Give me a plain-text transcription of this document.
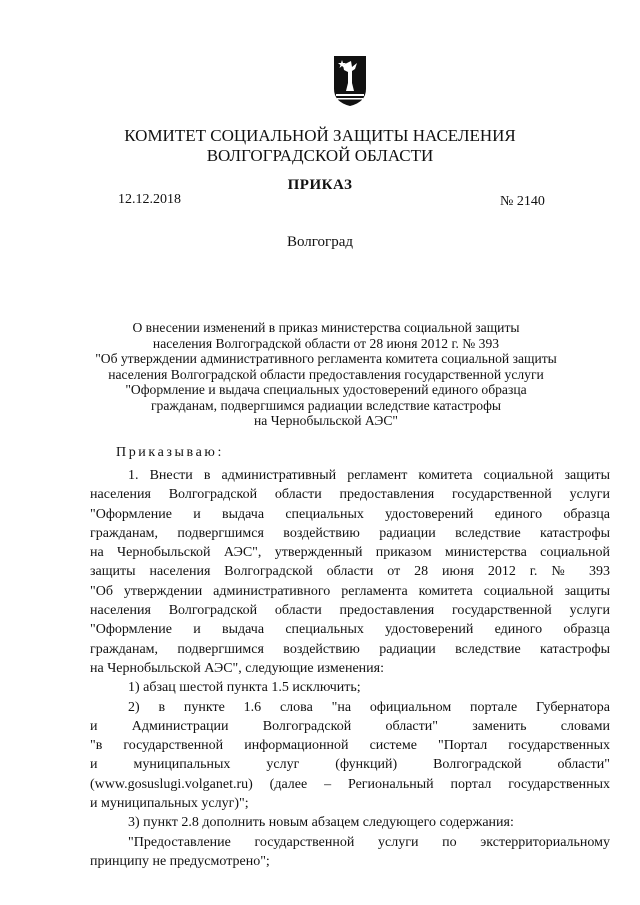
КОМИТЕТ СОЦИАЛЬНОЙ ЗАЩИТЫ НАСЕЛЕНИЯ
ВОЛГОГРАДСКОЙ ОБЛАСТИ
ПРИКАЗ
12.12.2018	№ 2140
Волгоград
О внесении изменений в приказ министерства социальной защиты
населения Волгоградской области от 28 июня 2012 г. № 393
"Об утверждении административного регламента комитета социальной защиты
населения Волгоградской области предоставления государственной услуги
"Оформление и выдача специальных удостоверений единого образца
гражданам, подвергшимся радиации вследствие катастрофы
на Чернобыльской АЭС"
Приказываю:
1. Внести в административный регламент комитета социальной защиты
населения Волгоградской области предоставления государственной услуги
"Оформление и выдача специальных удостоверений единого образца
гражданам, подвергшимся воздействию радиации вследствие катастрофы
на Чернобыльской АЭС", утвержденный приказом министерства социальной
защиты населения Волгоградской области от 28 июня 2012 г. № 393
"Об утверждении административного регламента комитета социальной защиты
населения Волгоградской области предоставления государственной услуги
"Оформление и выдача специальных удостоверений единого образца
гражданам, подвергшимся воздействию радиации вследствие катастрофы
на Чернобыльской АЭС", следующие изменения:
1) абзац шестой пункта 1.5 исключить;
2) в пункте 1.6 слова "на официальном портале Губернатора
и Администрации Волгоградской области" заменить словами
"в государственной информационной системе "Портал государственных
и муниципальных услуг (функций) Волгоградской области"
(www.gosuslugi.volganet.ru) (далее – Региональный портал государственных
и муниципальных услуг)";
3) пункт 2.8 дополнить новым абзацем следующего содержания:
"Предоставление государственной услуги по экстерриториальному
принципу не предусмотрено";
